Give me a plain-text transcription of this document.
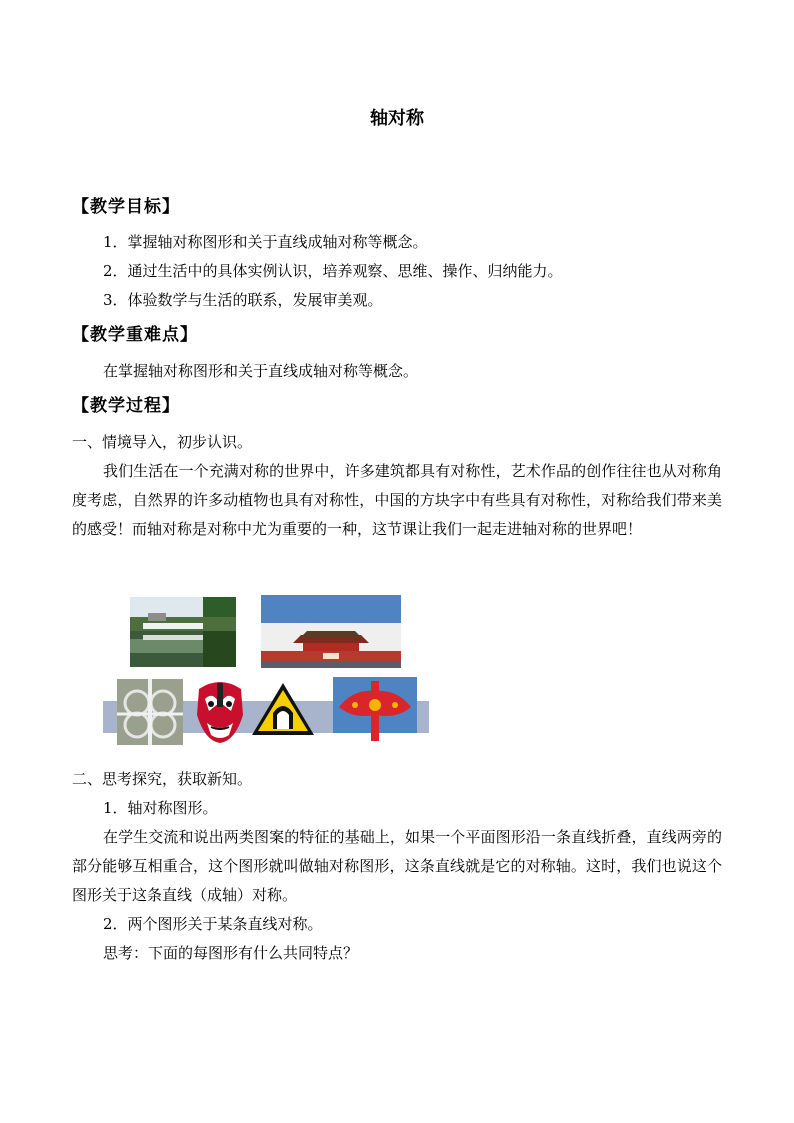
轴对称
【教学目标】
1．掌握轴对称图形和关于直线成轴对称等概念。
2．通过生活中的具体实例认识，培养观察、思维、操作、归纳能力。
3．体验数学与生活的联系，发展审美观。
【教学重难点】
在掌握轴对称图形和关于直线成轴对称等概念。
【教学过程】
一、情境导入，初步认识。
我们生活在一个充满对称的世界中，许多建筑都具有对称性，艺术作品的创作往往也从对称角度考虑，自然界的许多动植物也具有对称性，中国的方块字中有些具有对称性，对称给我们带来美的感受！而轴对称是对称中尤为重要的一种，这节课让我们一起走进轴对称的世界吧！
二、思考探究，获取新知。
1．轴对称图形。
在学生交流和说出两类图案的特征的基础上，如果一个平面图形沿一条直线折叠，直线两旁的部分能够互相重合，这个图形就叫做轴对称图形，这条直线就是它的对称轴。这时，我们也说这个图形关于这条直线（成轴）对称。
2．两个图形关于某条直线对称。
思考：下面的每图形有什么共同特点？
